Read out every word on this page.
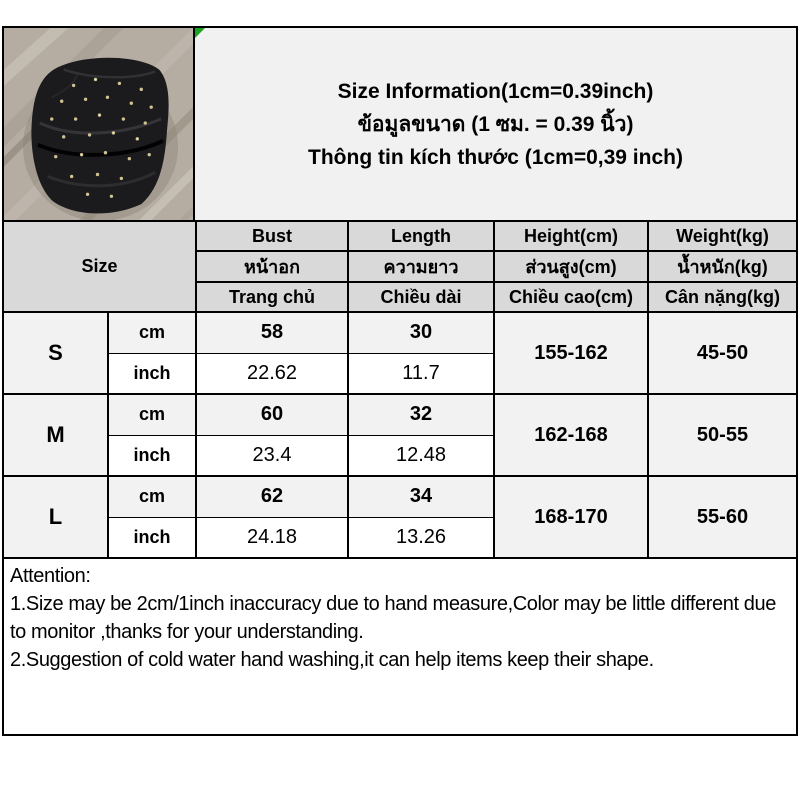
Size Information(1cm=0.39inch)
ข้อมูลขนาด (1 ซม. = 0.39 นิ้ว)
Thông tin kích thước (1cm=0,39 inch)
Size		Bust	Length	Height(cm)	Weight(kg)
		หน้าอก	ความยาว	ส่วนสูง(cm)	น้ำหนัก(kg)
		Trang chủ	Chiều dài	Chiều cao(cm)	Cân nặng(kg)
S	cm	58	30	155-162	45-50
	inch	22.62	11.7		
M	cm	60	32	162-168	50-55
	inch	23.4	12.48		
L	cm	62	34	168-170	55-60
	inch	24.18	13.26		
Attention:
1.Size may be 2cm/1inch inaccuracy due to hand measure,Color may be little different due to monitor ,thanks for your understanding.
2.Suggestion of cold water hand washing,it can help items keep their shape.
